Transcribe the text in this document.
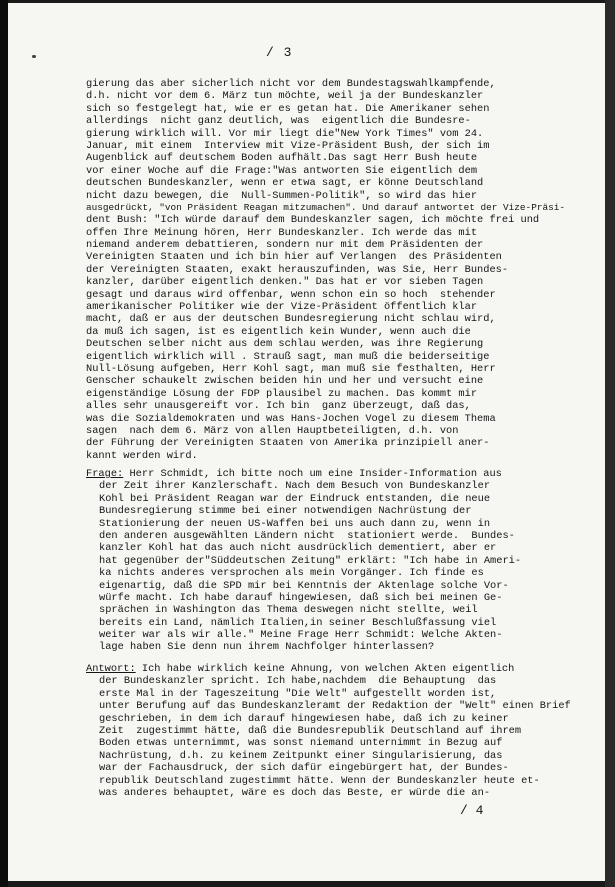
/ 3
gierung das aber sicherlich nicht vor dem Bundestagswahlkampfende,
d.h. nicht vor dem 6. März tun möchte, weil ja der Bundeskanzler
sich so festgelegt hat, wie er es getan hat. Die Amerikaner sehen
allerdings  nicht ganz deutlich, was  eigentlich die Bundesre-
gierung wirklich will. Vor mir liegt die"New York Times" vom 24.
Januar, mit einem  Interview mit Vize-Präsident Bush, der sich im
Augenblick auf deutschem Boden aufhält.Das sagt Herr Bush heute
vor einer Woche auf die Frage:"Was antworten Sie eigentlich dem
deutschen Bundeskanzler, wenn er etwa sagt, er könne Deutschland
nicht dazu bewegen, die  Null-Summen-Politik", so wird das hier
ausgedrückt, "von Präsident Reagan mitzumachen". Und darauf antwortet der Vize-Präsi-
dent Bush: "Ich würde darauf dem Bundeskanzler sagen, ich möchte frei und
offen Ihre Meinung hören, Herr Bundeskanzler. Ich werde das mit
niemand anderem debattieren, sondern nur mit dem Präsidenten der
Vereinigten Staaten und ich bin hier auf Verlangen  des Präsidenten
der Vereinigten Staaten, exakt herauszufinden, was Sie, Herr Bundes-
kanzler, darüber eigentlich denken." Das hat er vor sieben Tagen
gesagt und daraus wird offenbar, wenn schon ein so hoch  stehender
amerikanischer Politiker wie der Vize-Präsident öffentlich klar
macht, daß er aus der deutschen Bundesregierung nicht schlau wird,
da muß ich sagen, ist es eigentlich kein Wunder, wenn auch die
Deutschen selber nicht aus dem schlau werden, was ihre Regierung
eigentlich wirklich will . Strauß sagt, man muß die beiderseitige
Null-Lösung aufgeben, Herr Kohl sagt, man muß sie festhalten, Herr
Genscher schaukelt zwischen beiden hin und her und versucht eine
eigenständige Lösung der FDP plausibel zu machen. Das kommt mir
alles sehr unausgereift vor. Ich bin  ganz überzeugt, daß das,
was die Sozialdemokraten und was Hans-Jochen Vogel zu diesem Thema
sagen  nach dem 6. März von allen Hauptbeteiligten, d.h. von
der Führung der Vereinigten Staaten von Amerika prinzipiell aner-
kannt werden wird.
Frage: Herr Schmidt, ich bitte noch um eine Insider-Information aus
der Zeit ihrer Kanzlerschaft. Nach dem Besuch von Bundeskanzler
Kohl bei Präsident Reagan war der Eindruck entstanden, die neue
Bundesregierung stimme bei einer notwendigen Nachrüstung der
Stationierung der neuen US-Waffen bei uns auch dann zu, wenn in
den anderen ausgewählten Ländern nicht  stationiert werde.  Bundes-
kanzler Kohl hat das auch nicht ausdrücklich dementiert, aber er
hat gegenüber der"Süddeutschen Zeitung" erklärt: "Ich habe in Ameri-
ka nichts anderes versprochen als mein Vorgänger. Ich finde es
eigenartig, daß die SPD mir bei Kenntnis der Aktenlage solche Vor-
würfe macht. Ich habe darauf hingewiesen, daß sich bei meinen Ge-
sprächen in Washington das Thema deswegen nicht stellte, weil
bereits ein Land, nämlich Italien,in seiner Beschlußfassung viel
weiter war als wir alle." Meine Frage Herr Schmidt: Welche Akten-
lage haben Sie denn nun ihrem Nachfolger hinterlassen?
Antwort: Ich habe wirklich keine Ahnung, von welchen Akten eigentlich
der Bundeskanzler spricht. Ich habe,nachdem  die Behauptung  das
erste Mal in der Tageszeitung "Die Welt" aufgestellt worden ist,
unter Berufung auf das Bundeskanzleramt der Redaktion der "Welt" einen Brief
geschrieben, in dem ich darauf hingewiesen habe, daß ich zu keiner
Zeit  zugestimmt hätte, daß die Bundesrepublik Deutschland auf ihrem
Boden etwas unternimmt, was sonst niemand unternimmt in Bezug auf
Nachrüstung, d.h. zu keinem Zeitpunkt einer Singularisierung, das
war der Fachausdruck, der sich dafür eingebürgert hat, der Bundes-
republik Deutschland zugestimmt hätte. Wenn der Bundeskanzler heute et-
was anderes behauptet, wäre es doch das Beste, er würde die an-
/ 4
